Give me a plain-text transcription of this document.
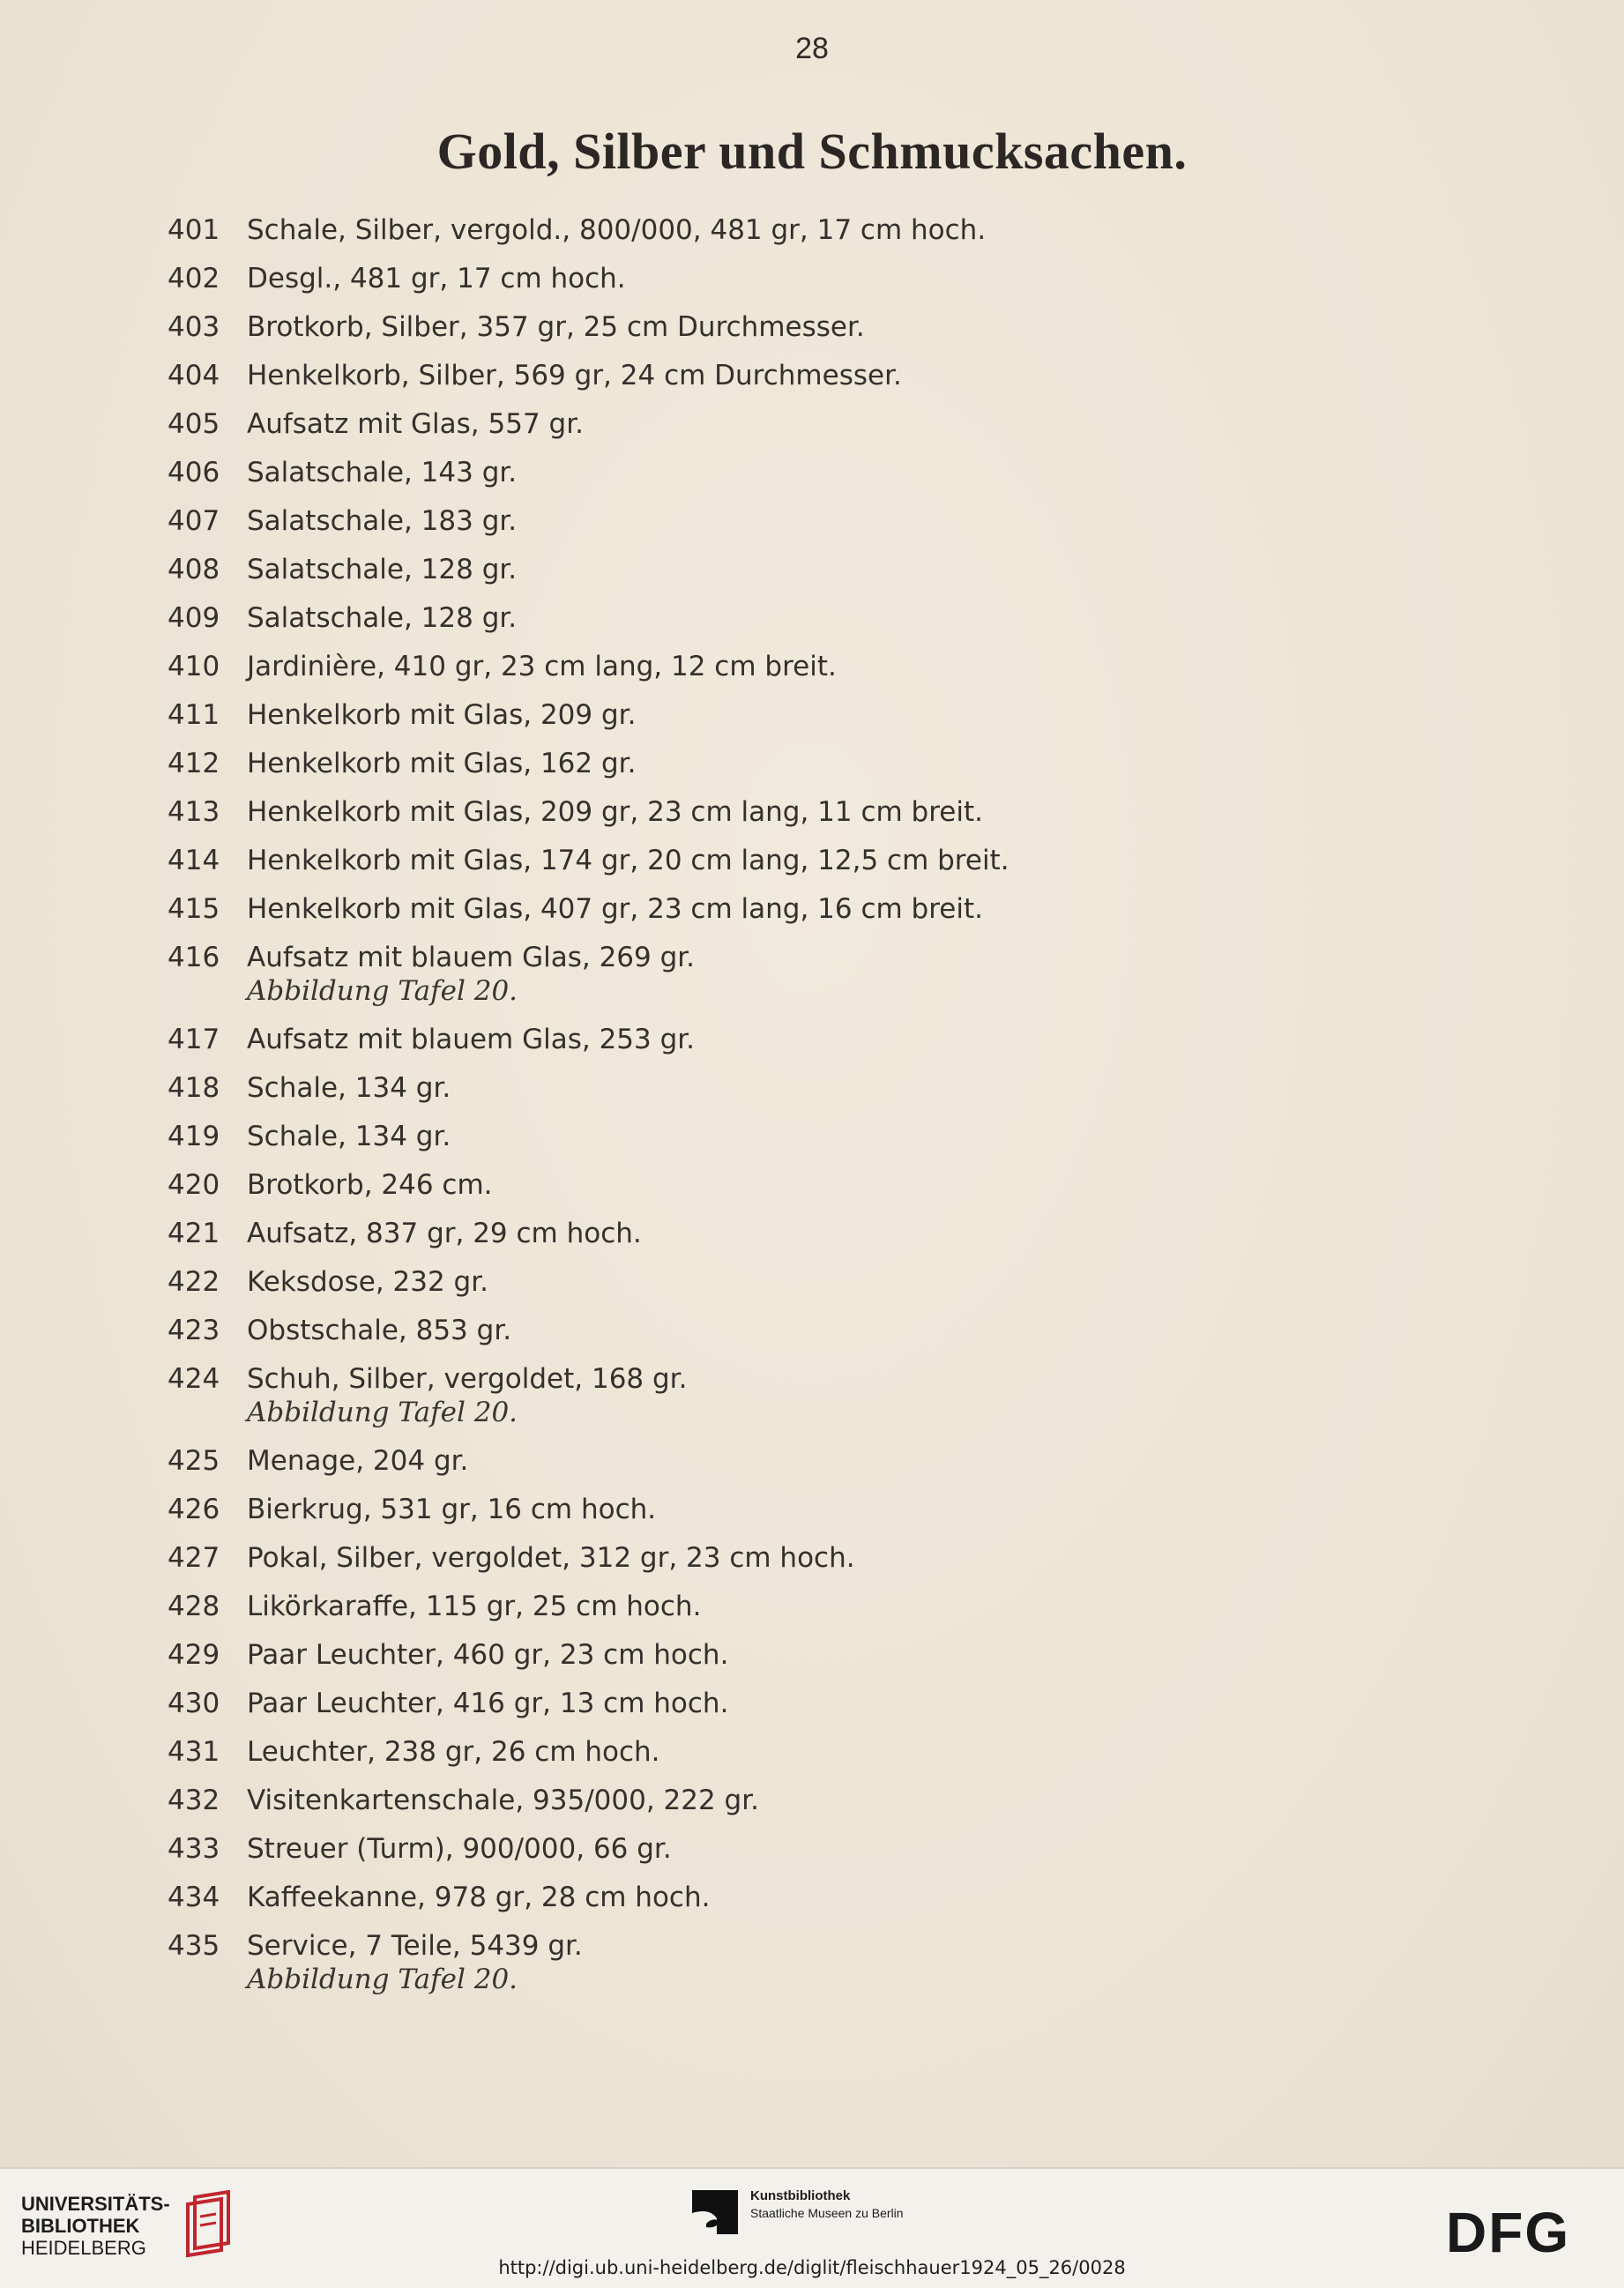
28
Gold, Silber und Schmucksachen.
401 Schale, Silber, vergold., 800/000, 481 gr, 17 cm hoch.
402 Desgl., 481 gr, 17 cm hoch.
403 Brotkorb, Silber, 357 gr, 25 cm Durchmesser.
404 Henkelkorb, Silber, 569 gr, 24 cm Durchmesser.
405 Aufsatz mit Glas, 557 gr.
406 Salatschale, 143 gr.
407 Salatschale, 183 gr.
408 Salatschale, 128 gr.
409 Salatschale, 128 gr.
410 Jardinière, 410 gr, 23 cm lang, 12 cm breit.
411 Henkelkorb mit Glas, 209 gr.
412 Henkelkorb mit Glas, 162 gr.
413 Henkelkorb mit Glas, 209 gr, 23 cm lang, 11 cm breit.
414 Henkelkorb mit Glas, 174 gr, 20 cm lang, 12,5 cm breit.
415 Henkelkorb mit Glas, 407 gr, 23 cm lang, 16 cm breit.
416 Aufsatz mit blauem Glas, 269 gr.
Abbildung Tafel 20.
417 Aufsatz mit blauem Glas, 253 gr.
418 Schale, 134 gr.
419 Schale, 134 gr.
420 Brotkorb, 246 cm.
421 Aufsatz, 837 gr, 29 cm hoch.
422 Keksdose, 232 gr.
423 Obstschale, 853 gr.
424 Schuh, Silber, vergoldet, 168 gr.
Abbildung Tafel 20.
425 Menage, 204 gr.
426 Bierkrug, 531 gr, 16 cm hoch.
427 Pokal, Silber, vergoldet, 312 gr, 23 cm hoch.
428 Likörkaraffe, 115 gr, 25 cm hoch.
429 Paar Leuchter, 460 gr, 23 cm hoch.
430 Paar Leuchter, 416 gr, 13 cm hoch.
431 Leuchter, 238 gr, 26 cm hoch.
432 Visitenkartenschale, 935/000, 222 gr.
433 Streuer (Turm), 900/000, 66 gr.
434 Kaffeekanne, 978 gr, 28 cm hoch.
435 Service, 7 Teile, 5439 gr.
Abbildung Tafel 20.
UNIVERSITÄTS-
BIBLIOTHEK
HEIDELBERG
Kunstbibliothek
Staatliche Museen zu Berlin	DFG
http://digi.ub.uni-heidelberg.de/diglit/fleischhauer1924_05_26/0028
